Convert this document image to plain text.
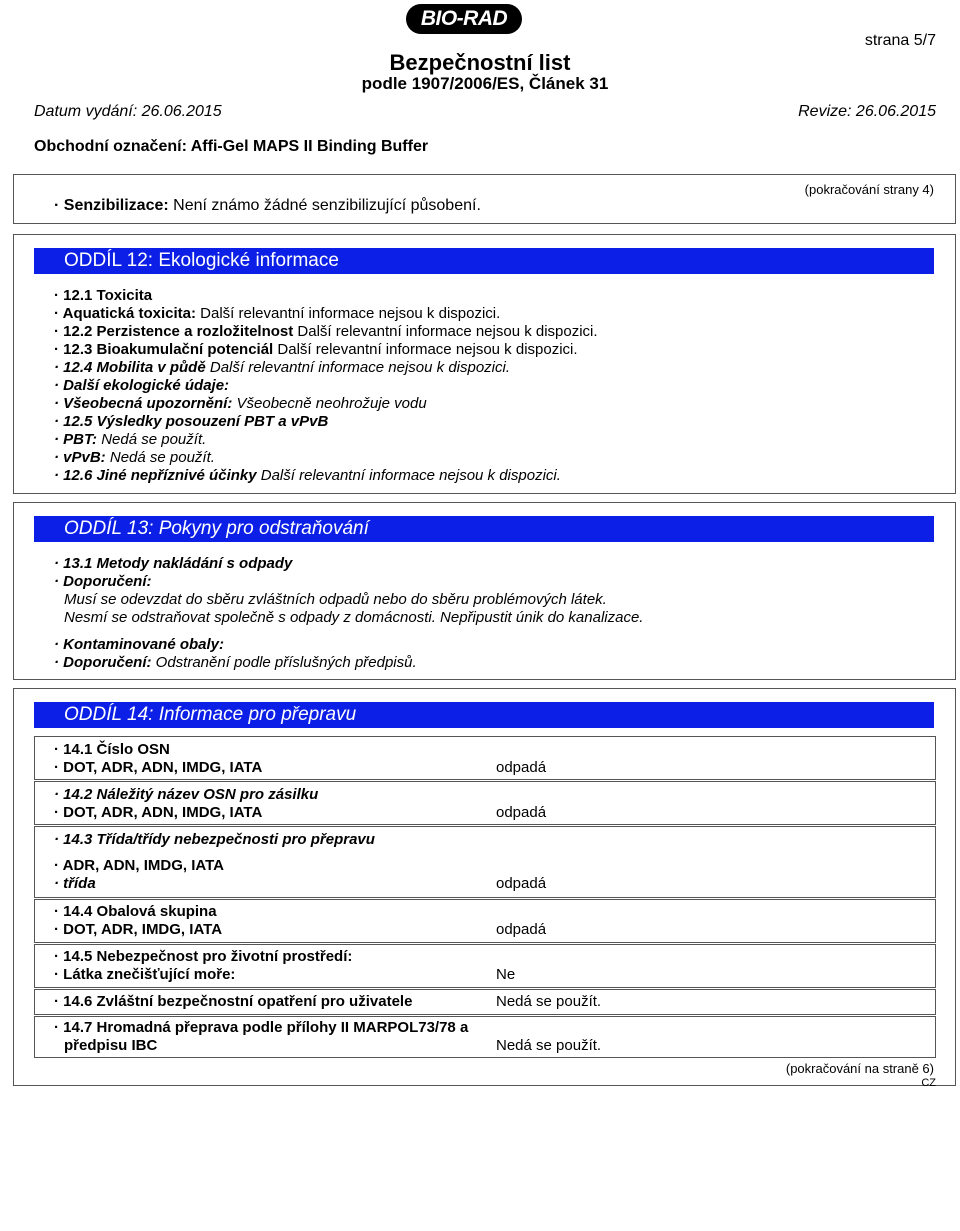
BIO-RAD
strana 5/7
Bezpečnostní list
podle 1907/2006/ES, Článek 31
Datum vydání: 26.06.2015	Revize: 26.06.2015
Obchodní označení: Affi-Gel MAPS II Binding Buffer
(pokračování strany 4)
· Senzibilizace: Není známo žádné senzibilizující působení.
ODDÍL 12: Ekologické informace
· 12.1 Toxicita
· Aquatická toxicita: Další relevantní informace nejsou k dispozici.
· 12.2 Perzistence a rozložitelnost Další relevantní informace nejsou k dispozici.
· 12.3 Bioakumulační potenciál Další relevantní informace nejsou k dispozici.
· 12.4 Mobilita v půdě Další relevantní informace nejsou k dispozici.
· Další ekologické údaje:
· Všeobecná upozornění: Všeobecně neohrožuje vodu
· 12.5 Výsledky posouzení PBT a vPvB
· PBT: Nedá se použít.
· vPvB: Nedá se použít.
· 12.6 Jiné nepříznivé účinky Další relevantní informace nejsou k dispozici.
ODDÍL 13: Pokyny pro odstraňování
· 13.1 Metody nakládání s odpady
· Doporučení:
Musí se odevzdat do sběru zvláštních odpadů nebo do sběru problémových látek.
Nesmí se odstraňovat společně s odpady z domácnosti. Nepřipustit únik do kanalizace.
· Kontaminované obaly:
· Doporučení: Odstranění podle příslušných předpisů.
ODDÍL 14: Informace pro přepravu
· 14.1 Číslo OSN
· DOT, ADR, ADN, IMDG, IATA	odpadá
· 14.2 Náležitý název OSN pro zásilku
· DOT, ADR, ADN, IMDG, IATA	odpadá
· 14.3 Třída/třídy nebezpečnosti pro přepravu
· ADR, ADN, IMDG, IATA
· třída	odpadá
· 14.4 Obalová skupina
· DOT, ADR, IMDG, IATA	odpadá
· 14.5 Nebezpečnost pro životní prostředí:
· Látka znečišťující moře:	Ne
· 14.6 Zvláštní bezpečnostní opatření pro uživatele	Nedá se použít.
· 14.7 Hromadná přeprava podle přílohy II MARPOL73/78 a
předpisu IBC	Nedá se použít.
(pokračování na straně 6)
CZ
